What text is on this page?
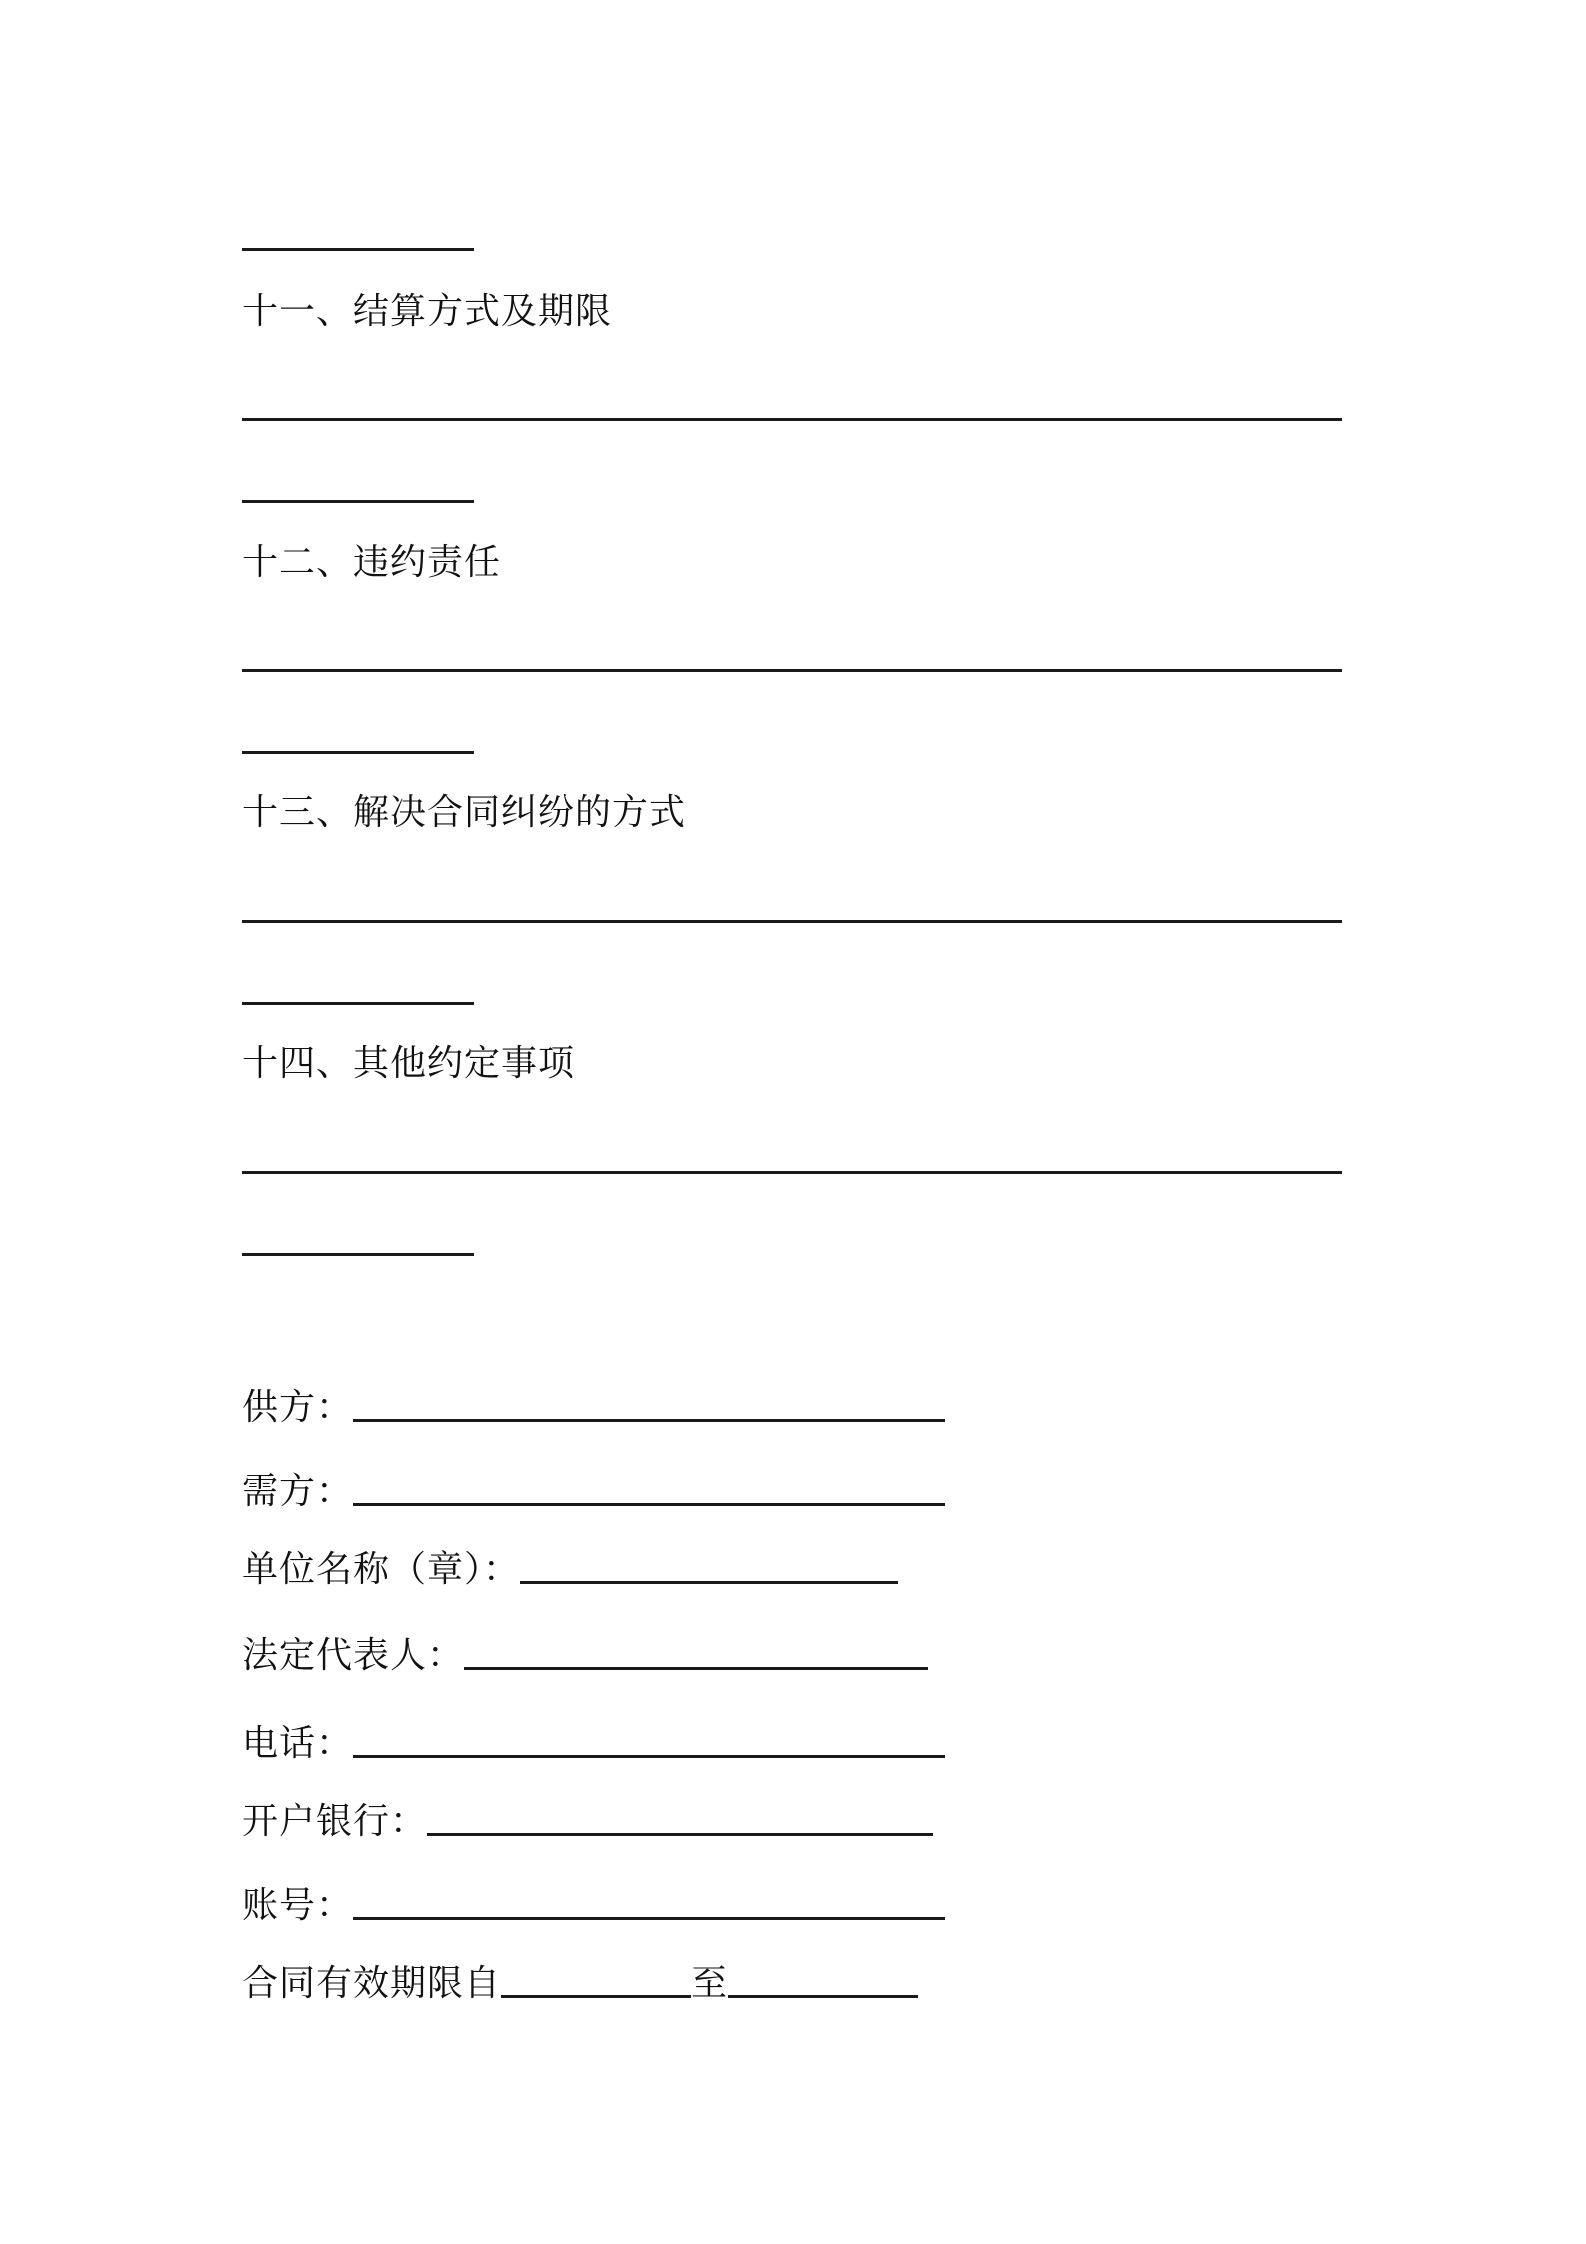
十一、结算方式及期限
十二、违约责任
十三、解决合同纠纷的方式
十四、其他约定事项
供方：
需方：
单位名称（章）：
法定代表人：
电话：
开户银行：
账号：
合同有效期限自	至
